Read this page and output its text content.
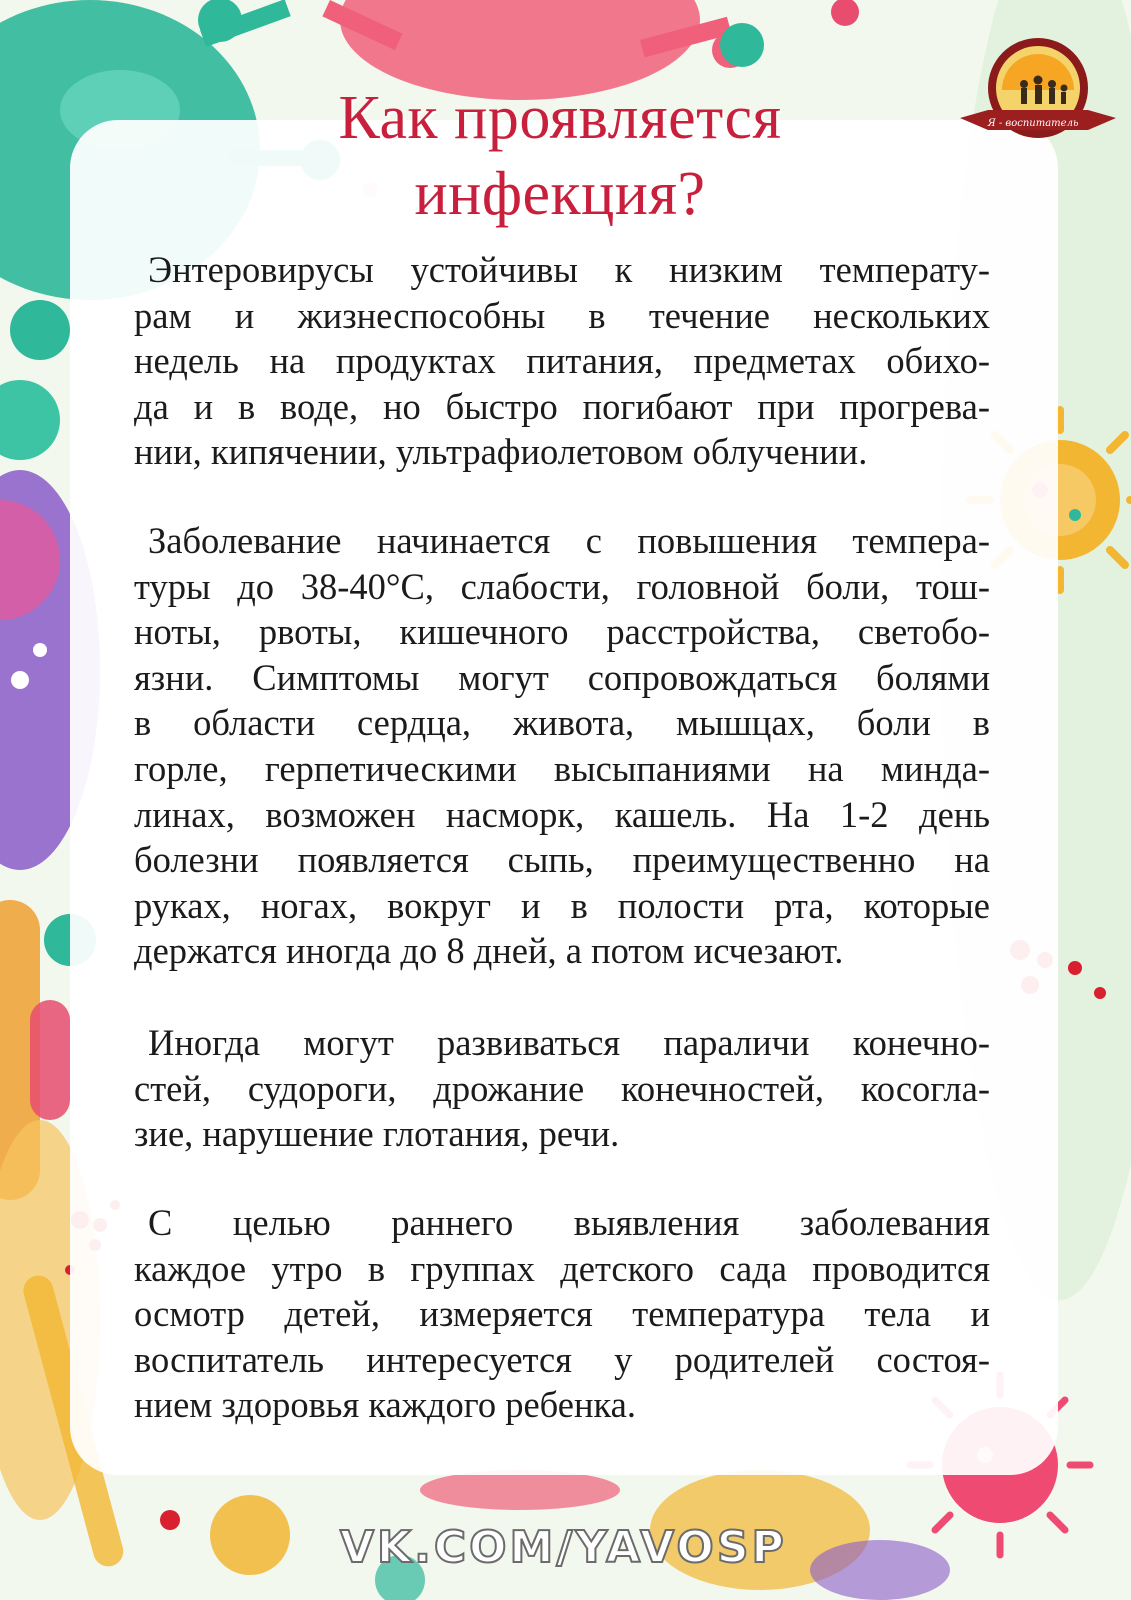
Как проявляется
инфекция?
Энтеровирусы устойчивы к низким температу-
рам и жизнеспособны в течение нескольких
недель на продуктах питания, предметах обихо-
да и в воде, но быстро погибают при прогрева-
нии, кипячении, ультрафиолетовом облучении.
Заболевание начинается с повышения темпера-
туры до 38-40°С, слабости, головной боли, тош-
ноты, рвоты, кишечного расстройства, светобо-
язни. Симптомы могут сопровождаться болями
в области сердца, живота, мышцах, боли в
горле, герпетическими высыпаниями на минда-
линах, возможен насморк, кашель. На 1-2 день
болезни появляется сыпь, преимущественно на
руках, ногах, вокруг и в полости рта, которые
держатся иногда до 8 дней, а потом исчезают.
Иногда могут развиваться параличи конечно-
стей, судороги, дрожание конечностей, косогла-
зие, нарушение глотания, речи.
С целью раннего выявления заболевания
каждое утро в группах детского сада проводится
осмотр детей, измеряется температура тела и
воспитатель интересуется у родителей состоя-
нием здоровья каждого ребенка.
Я - воспитатель
VK.COM/YAVOSP
